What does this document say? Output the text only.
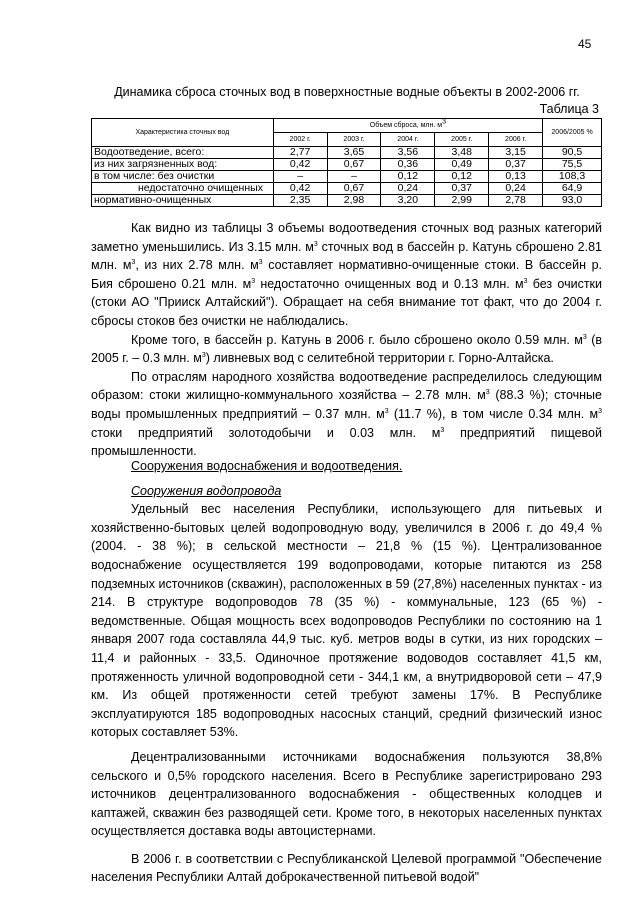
45
Динамика сброса сточных вод в поверхностные водные объекты в 2002-2006 гг.
Таблица 3
Характеристика сточных вод	Объем сброса, млн. $м^3$					2006/2005 %
	2002 г.	2003 г.	2004 г.	2005 г.	2006 г.	
Водоотведение, всего:	2,77	3,65	3,56	3,48	3,15	90,5
из них загрязненных вод:	0,42	0,67	0,36	0,49	0,37	75,5
в том числе: без очистки	–	–	0,12	0,12	0,13	108,3
недостаточно очищенных	0,42	0,67	0,24	0,37	0,24	64,9
нормативно-очищенных	2,35	2,98	3,20	2,99	2,78	93,0

Как видно из таблицы 3 объемы водоотведения сточных вод разных категорий заметно уменьшились. Из 3.15 млн. $м^3$ сточных вод в бассейн р. Катунь сброшено 2.81 млн. $м^3$, из них 2.78 млн. $м^3$ составляет нормативно-очищенные стоки. В бассейн р. Бия сброшено 0.21 млн. $м^3$ недостаточно очищенных вод и 0.13 млн. $м^3$ без очистки (стоки АО "Прииск Алтайский"). Обращает на себя внимание тот факт, что до 2004 г. сбросы стоков без очистки не наблюдались.

Кроме того, в бассейн р. Катунь в 2006 г. было сброшено около 0.59 млн. $м^3$ (в 2005 г. – 0.3 млн. $м^3$) ливневых вод с селитебной территории г. Горно-Алтайска.

По отраслям народного хозяйства водоотведение распределилось следующим образом: стоки жилищно-коммунального хозяйства – 2.78 млн. $м^3$ (88.3 %); сточные воды промышленных предприятий – 0.37 млн. $м^3$ (11.7 %), в том числе 0.34 млн. $м^3$ стоки предприятий золотодобычи и 0.03 млн. $м^3$ предприятий пищевой промышленности.

Сооружения водоснабжения и водоотведения.

Сооружения водопровода

Удельный вес населения Республики, использующего для питьевых и хозяйственно-бытовых целей водопроводную воду, увеличился в 2006 г. до 49,4 % (2004. - 38 %); в сельской местности – 21,8 % (15 %). Централизованное водоснабжение осуществляется 199 водопроводами, которые питаются из 258 подземных источников (скважин), расположенных в 59 (27,8%) населенных пунктах - из 214. В структуре водопроводов 78 (35 %) - коммунальные, 123 (65 %) - ведомственные. Общая мощность всех водопроводов Республики по состоянию на 1 января 2007 года составляла 44,9 тыс. куб. метров воды в сутки, из них городских – 11,4 и районных - 33,5. Одиночное протяжение водоводов составляет 41,5 км, протяженность уличной водопроводной сети - 344,1 км, а внутридворовой сети – 47,9 км. Из общей протяженности сетей требуют замены 17%. В Республике эксплуатируются 185 водопроводных насосных станций, средний физический износ которых составляет 53%.

Децентрализованными источниками водоснабжения пользуются 38,8% сельского и 0,5% городского населения. Всего в Республике зарегистрировано 293 источников децентрализованного водоснабжения - общественных колодцев и каптажей, скважин без разводящей сети. Кроме того, в некоторых населенных пунктах осуществляется доставка воды автоцистернами.

В 2006 г. в соответствии с Республиканской Целевой программой "Обеспечение населения Республики Алтай доброкачественной питьевой водой"
